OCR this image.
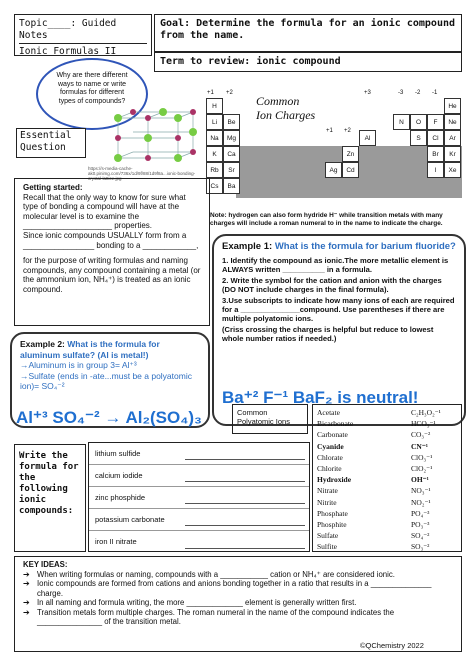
Topic____: Guided Notes
Ionic Formulas II
Goal: Determine the formula for an ionic compound from the name.
Term to review: ionic compound
Why are there different ways to name or write formulas for different types of compounds?
https://s-media-cache-ak0.pinimg.com/736x/1d/9f/88/1d9f8a...ionic-bonding-crystal-lattice.jpg
Essential
Question
H
Li	Be
Na	Mg
K	Ca
Rb	Sr
Cs	Ba
Al
N	O	F	Ne
S	Cl	Ar
Br	Kr
I	Xe
Zn
Ag	Cd
He
+1 +2	+3	-3 -2 -1
+1 +2
Common
Ion Charges
Note: hydrogen can also form hydride H⁻ while transition metals with many charges will include a roman numeral to in the name to indicate the charge.
Getting started:
Recall that the only way to know for sure what type of bonding a compound will have at the molecular level is to examine the ____________________ properties.
Since ionic compounds USUALLY form from a ________________ bonding to a ____________,
for the purpose of writing formulas and naming compounds, any compound containing a metal (or the ammonium ion, NH₄⁺) is treated as an ionic compound.
Example 1: What is the formula for barium fluoride?
1. Identify the compound as ionic.The more metallic element is ALWAYS written __________ in a formula.
2. Write the symbol for the cation and anion with the charges (DO NOT include charges in the final formula).
3.Use subscripts to indicate how many ions of each are required for a ______________compound. Use parentheses if there are multiple polyatomic ions.
(Criss crossing the charges is helpful but reduce to lowest whole number ratios if needed.)
Ba⁺² F⁻¹ BaF₂ is neutral!
Example 2: What is the formula for aluminum sulfate? (Al is metal!)
→Aluminum is in group 3= Al⁺³
→Sulfate (ends in -ate...must be a polyatomic ion)= SO₄⁻²
Al⁺³ SO₄⁻² → Al₂(SO₄)₃	Common
Polyatomic Ions
Write the formula for the following ionic compounds:
lithium sulfide
calcium iodide
zinc phosphide
potassium carbonate
iron II nitrate
Acetate	C₂H₃O₂⁻¹
Bicarbonate	HCO₃⁻¹
Carbonate	CO₃⁻²
Cyanide	CN⁻¹
Chlorate	ClO₃⁻¹
Chlorite	ClO₂⁻¹
Hydroxide	OH⁻¹
Nitrate	NO₃⁻¹
Nitrite	NO₂⁻¹
Phosphate	PO₄⁻³
Phosphite	PO₃⁻³
Sulfate	SO₄⁻²
Sulfite	SO₃⁻²
KEY IDEAS:
➔ When writing formulas or naming, compounds with a ___________ cation or NH₄⁺ are considered ionic.
➔ Ionic compounds are formed from cations and anions bonding together in a ratio that results in a ______________ charge.
➔ In all naming and formula writing, the more _____________ element is generally written first.
➔ Transition metals form multiple charges. The roman numeral in the name of the compound indicates the _______________ of the transition metal.
©QChemistry 2022
